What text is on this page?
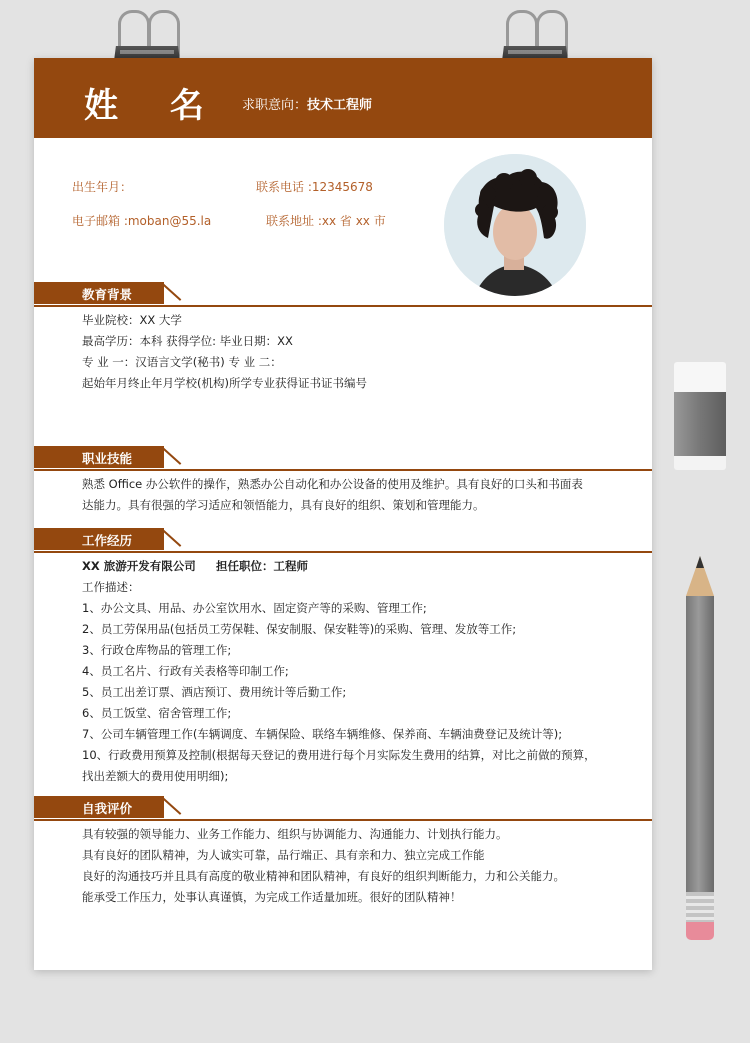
姓 名 求职意向：技术工程师
出生年月：	联系电话 :12345678
电子邮箱 :moban@55.la	联系地址 :xx 省 xx 市
教育背景
毕业院校：XX 大学
最高学历：本科 获得学位: 毕业日期：XX
专 业 一：汉语言文学(秘书) 专 业 二：
起始年月终止年月学校(机构)所学专业获得证书证书编号
职业技能
熟悉 Office 办公软件的操作，熟悉办公自动化和办公设备的使用及维护。具有良好的口头和书面表
达能力。具有很强的学习适应和领悟能力，具有良好的组织、策划和管理能力。
工作经历
XX 旅游开发有限公司 担任职位：工程师
工作描述：
1、办公文具、用品、办公室饮用水、固定资产等的采购、管理工作;
2、员工劳保用品(包括员工劳保鞋、保安制服、保安鞋等)的采购、管理、发放等工作;
3、行政仓库物品的管理工作;
4、员工名片、行政有关表格等印制工作;
5、员工出差订票、酒店预订、费用统计等后勤工作;
6、员工饭堂、宿舍管理工作;
7、公司车辆管理工作(车辆调度、车辆保险、联络车辆维修、保养商、车辆油费登记及统计等);
10、行政费用预算及控制(根据每天登记的费用进行每个月实际发生费用的结算，对比之前做的预算，
找出差额大的费用使用明细);
自我评价
具有较强的领导能力、业务工作能力、组织与协调能力、沟通能力、计划执行能力。
具有良好的团队精神，为人诚实可靠，品行端正、具有亲和力、独立完成工作能
良好的沟通技巧并且具有高度的敬业精神和团队精神，有良好的组织判断能力，力和公关能力。
能承受工作压力，处事认真谨慎，为完成工作适量加班。很好的团队精神！
